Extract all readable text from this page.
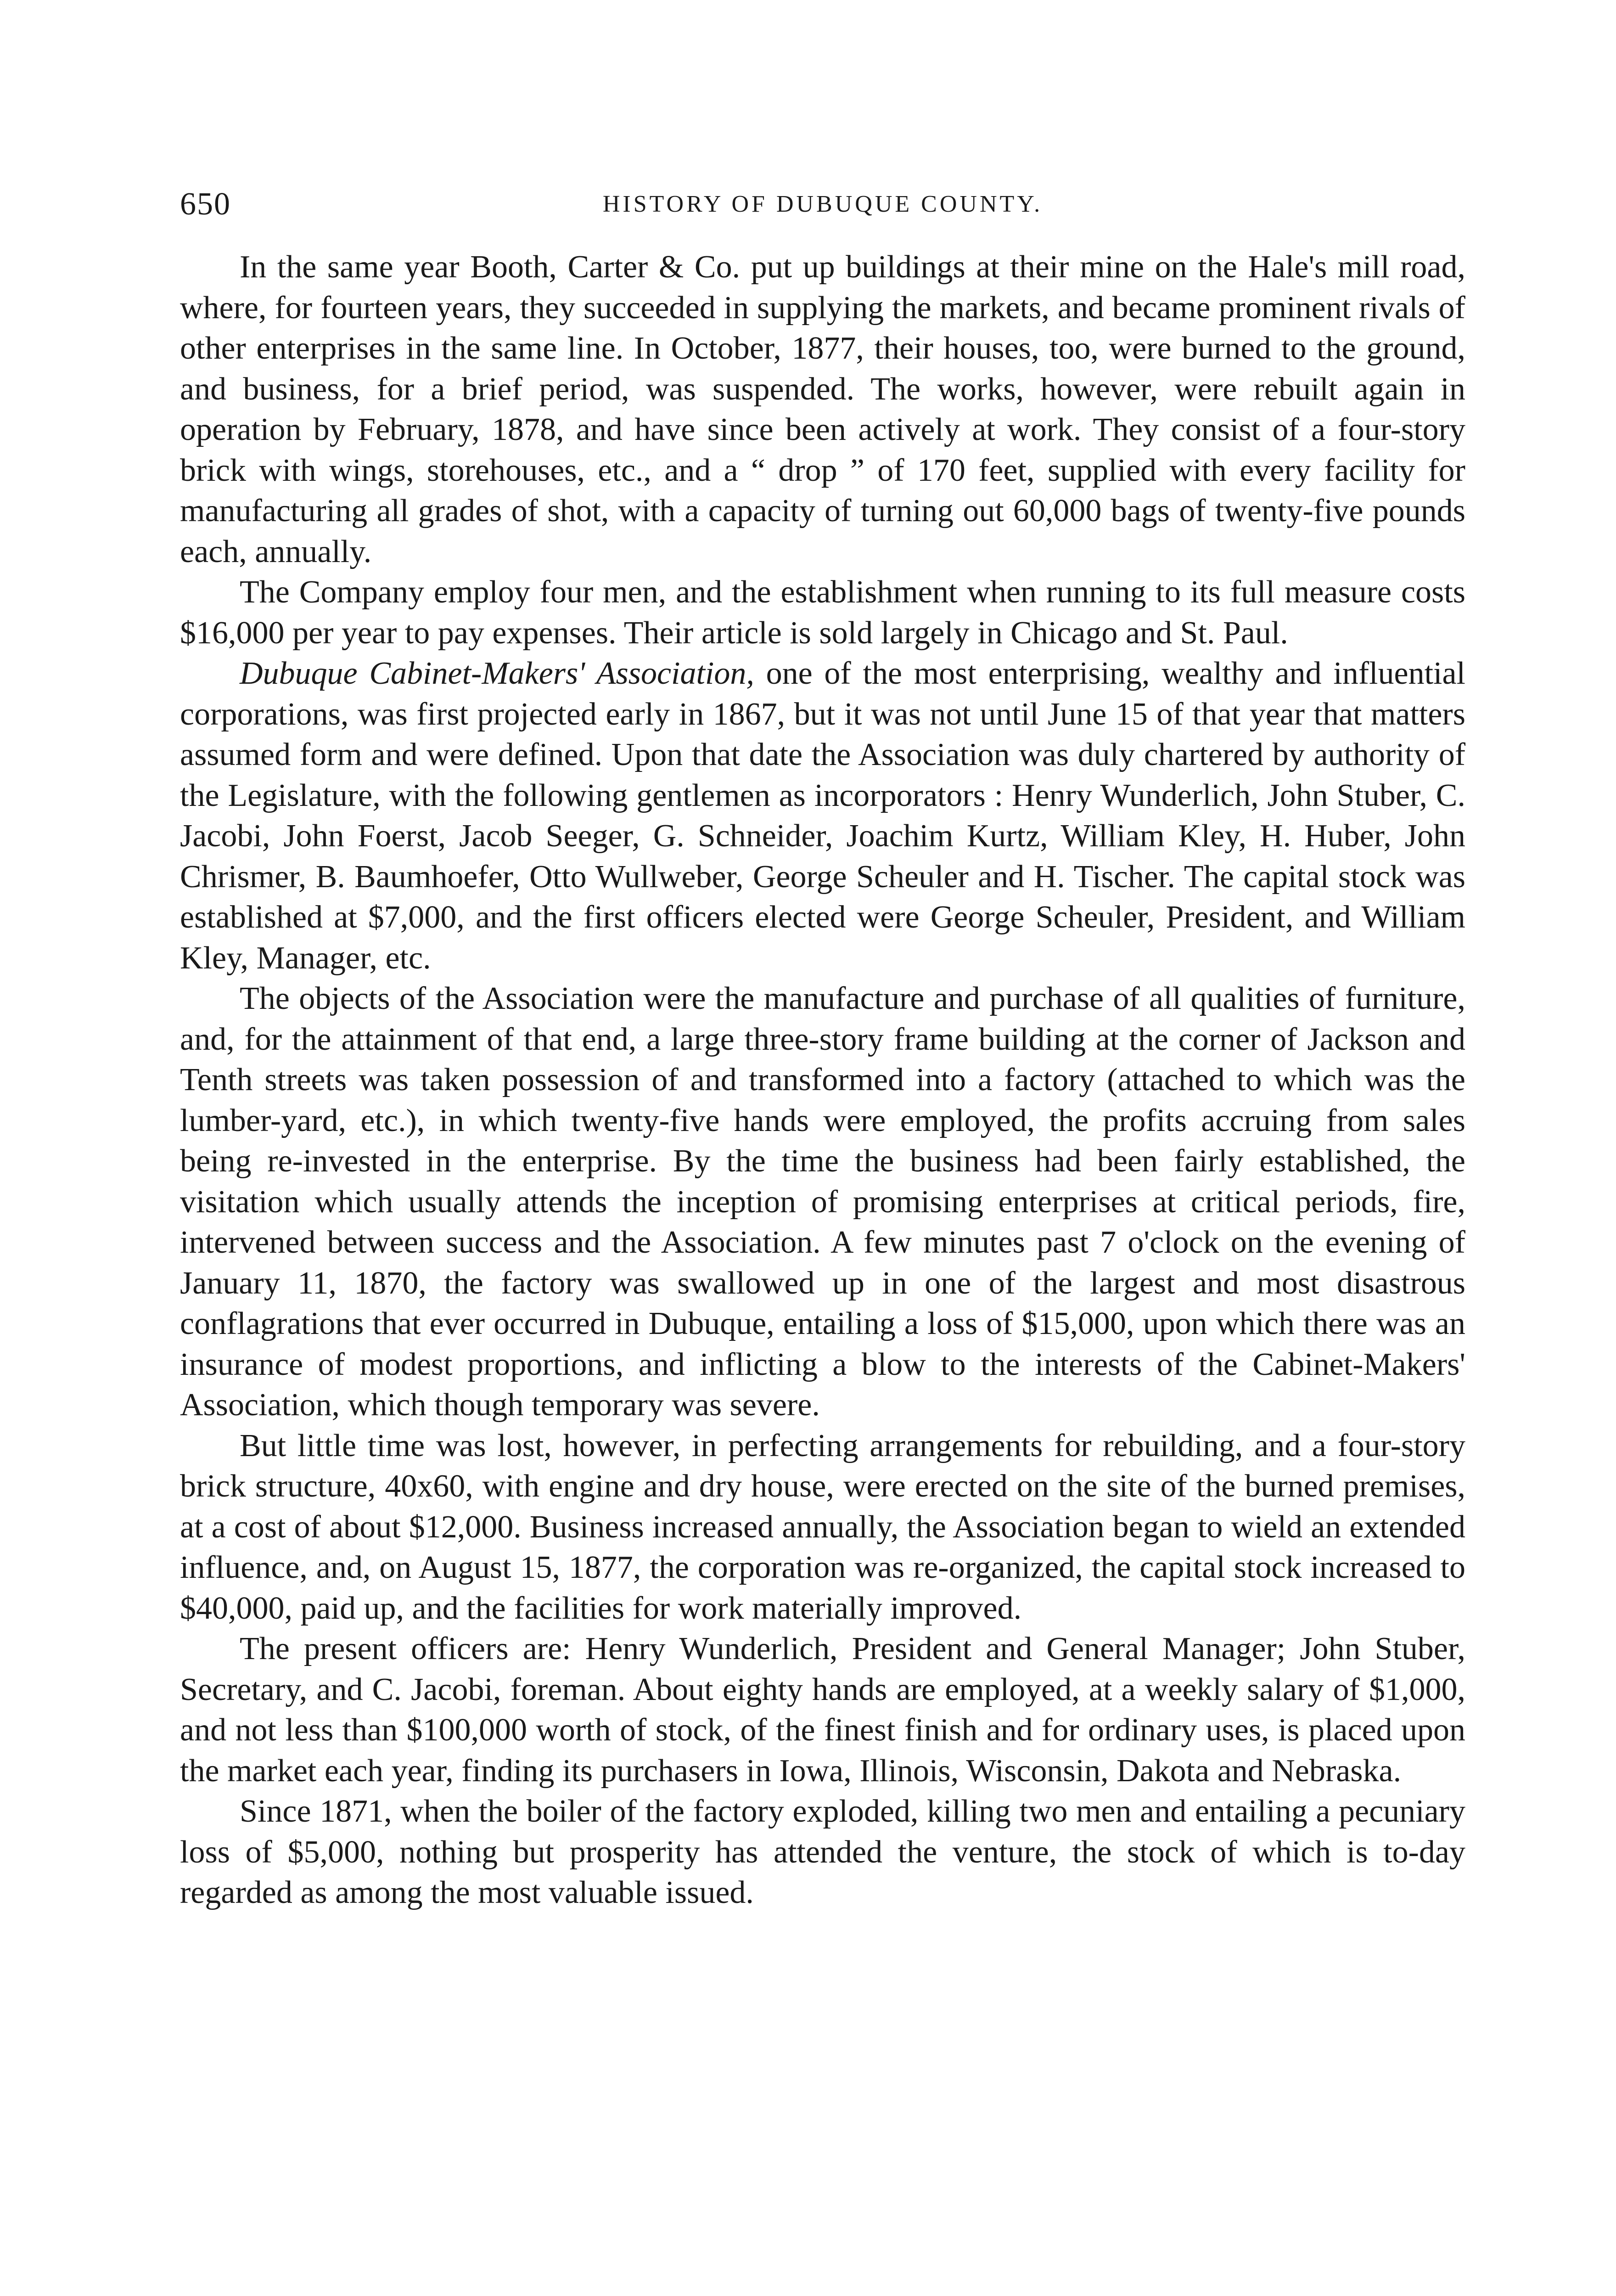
650	HISTORY OF DUBUQUE COUNTY.

In the same year Booth, Carter & Co. put up buildings at their mine on the Hale's mill road, where, for fourteen years, they succeeded in supplying the markets, and became prominent rivals of other enterprises in the same line. In October, 1877, their houses, too, were burned to the ground, and business, for a brief period, was suspended. The works, however, were rebuilt again in operation by February, 1878, and have since been actively at work. They consist of a four-story brick with wings, storehouses, etc., and a “ drop ” of 170 feet, supplied with every facility for manufacturing all grades of shot, with a capacity of turning out 60,000 bags of twenty-five pounds each, annually.

The Company employ four men, and the establishment when running to its full measure costs $16,000 per year to pay expenses. Their article is sold largely in Chicago and St. Paul.

Dubuque Cabinet-Makers' Association, one of the most enterprising, wealthy and influential corporations, was first projected early in 1867, but it was not until June 15 of that year that matters assumed form and were defined. Upon that date the Association was duly chartered by authority of the Legislature, with the following gentlemen as incorporators : Henry Wunderlich, John Stuber, C. Jacobi, John Foerst, Jacob Seeger, G. Schneider, Joachim Kurtz, William Kley, H. Huber, John Chrismer, B. Baumhoefer, Otto Wullweber, George Scheuler and H. Tischer. The capital stock was established at $7,000, and the first officers elected were George Scheuler, President, and William Kley, Manager, etc.

The objects of the Association were the manufacture and purchase of all qualities of furniture, and, for the attainment of that end, a large three-story frame building at the corner of Jackson and Tenth streets was taken possession of and transformed into a factory (attached to which was the lumber-yard, etc.), in which twenty-five hands were employed, the profits accruing from sales being re-invested in the enterprise. By the time the business had been fairly established, the visitation which usually attends the inception of promising enterprises at critical periods, fire, intervened between success and the Association. A few minutes past 7 o'clock on the evening of January 11, 1870, the factory was swallowed up in one of the largest and most disastrous conflagrations that ever occurred in Dubuque, entailing a loss of $15,000, upon which there was an insurance of modest proportions, and inflicting a blow to the interests of the Cabinet-Makers' Association, which though temporary was severe.

But little time was lost, however, in perfecting arrangements for rebuilding, and a four-story brick structure, 40x60, with engine and dry house, were erected on the site of the burned premises, at a cost of about $12,000. Business increased annually, the Association began to wield an extended influence, and, on August 15, 1877, the corporation was re-organized, the capital stock increased to $40,000, paid up, and the facilities for work materially improved.

The present officers are: Henry Wunderlich, President and General Manager; John Stuber, Secretary, and C. Jacobi, foreman. About eighty hands are employed, at a weekly salary of $1,000, and not less than $100,000 worth of stock, of the finest finish and for ordinary uses, is placed upon the market each year, finding its purchasers in Iowa, Illinois, Wisconsin, Dakota and Nebraska.

Since 1871, when the boiler of the factory exploded, killing two men and entailing a pecuniary loss of $5,000, nothing but prosperity has attended the venture, the stock of which is to-day regarded as among the most valuable issued.
